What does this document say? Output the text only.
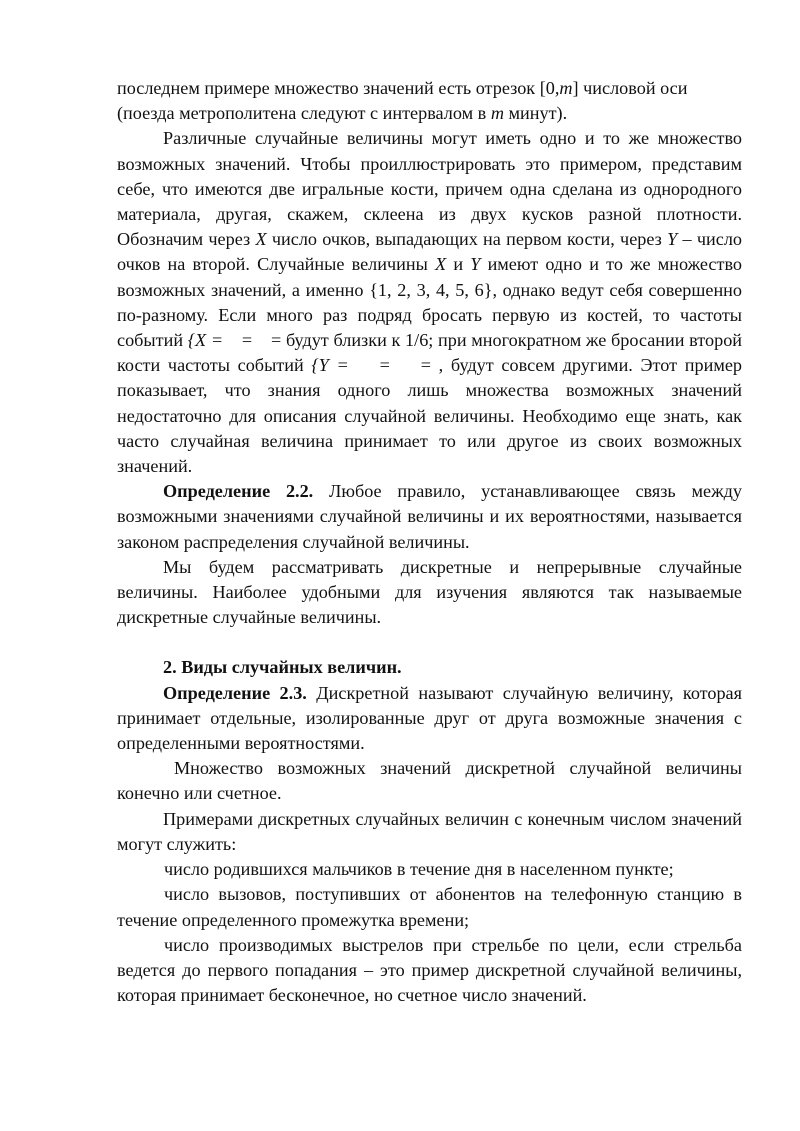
последнем примере множество значений есть отрезок [0,m] числовой оси
(поезда метрополитена следуют с интервалом в m минут).

Различные случайные величины могут иметь одно и то же множество возможных значений. Чтобы проиллюстрировать это примером, представим себе, что имеются две игральные кости, причем одна сделана из однородного материала, другая, скажем, склеена из двух кусков разной плотности. Обозначим через X число очков, выпадающих на первом кости, через Y – число очков на второй. Случайные величины X и Y имеют одно и то же множество возможных значений, а именно {1, 2, 3, 4, 5, 6}, однако ведут себя совершенно по-разному. Если много раз подряд бросать первую из костей, то частоты событий {X =    =    = будут близки к 1/6; при многократном же бросании второй кости частоты событий {Y =    =    = , будут совсем другими. Этот пример показывает, что знания одного лишь множества возможных значений недостаточно для описания случайной величины. Необходимо еще знать, как часто случайная величина принимает то или другое из своих возможных значений.

Определение 2.2. Любое правило, устанавливающее связь между возможными значениями случайной величины и их вероятностями, называется законом распределения случайной величины.

Мы будем рассматривать дискретные и непрерывные случайные величины. Наиболее удобными для изучения являются так называемые дискретные случайные величины.

2. Виды случайных величин.

Определение 2.3. Дискретной называют случайную величину, которая принимает отдельные, изолированные друг от друга возможные значения с определенными вероятностями.

Множество возможных значений дискретной случайной величины конечно или счетное.

Примерами дискретных случайных величин с конечным числом значений могут служить:

число родившихся мальчиков в течение дня в населенном пункте;

число вызовов, поступивших от абонентов на телефонную станцию в течение определенного промежутка времени;

число производимых выстрелов при стрельбе по цели, если стрельба ведется до первого попадания – это пример дискретной случайной величины, которая принимает бесконечное, но счетное число значений.
